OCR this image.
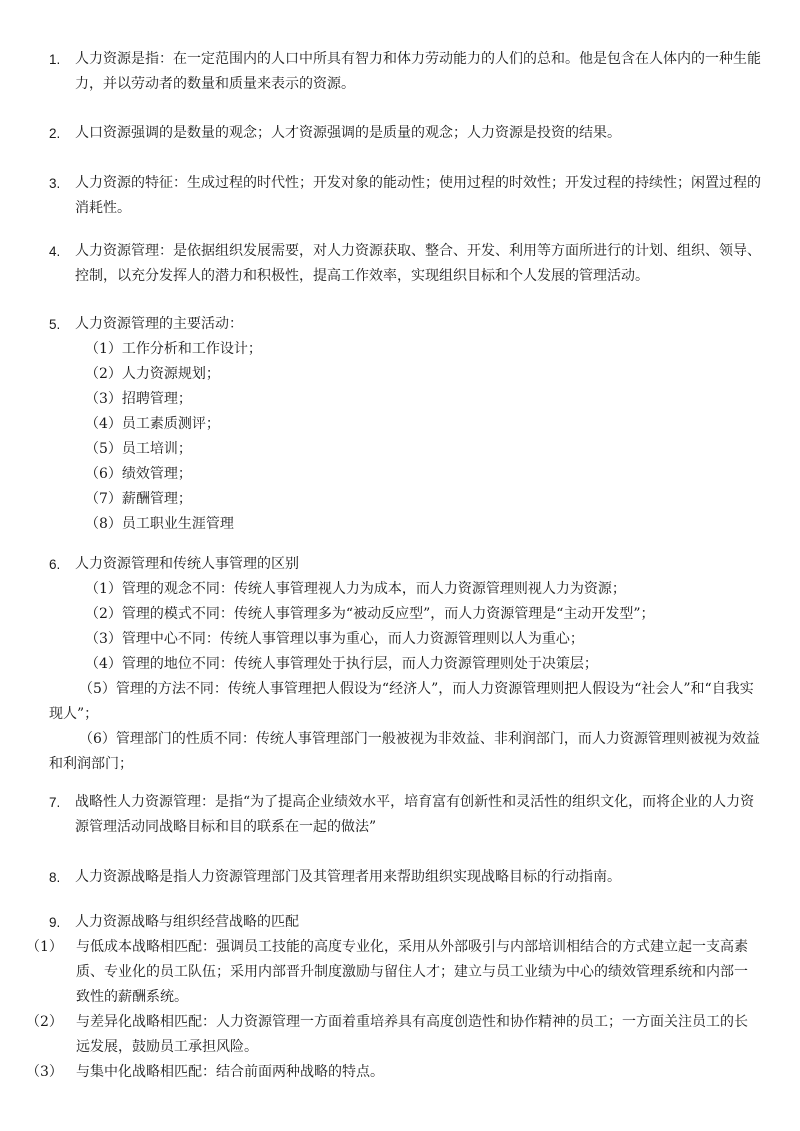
1. 人力资源是指：在一定范围内的人口中所具有智力和体力劳动能力的人们的总和。他是包含在人体内的一种生能力，并以劳动者的数量和质量来表示的资源。
2. 人口资源强调的是数量的观念；人才资源强调的是质量的观念；人力资源是投资的结果。
3. 人力资源的特征：生成过程的时代性；开发对象的能动性；使用过程的时效性；开发过程的持续性；闲置过程的消耗性。
4. 人力资源管理：是依据组织发展需要，对人力资源获取、整合、开发、利用等方面所进行的计划、组织、领导、控制，以充分发挥人的潜力和积极性，提高工作效率，实现组织目标和个人发展的管理活动。
5. 人力资源管理的主要活动：
（1）工作分析和工作设计；
（2）人力资源规划；
（3）招聘管理；
（4）员工素质测评；
（5）员工培训；
（6）绩效管理；
（7）薪酬管理；
（8）员工职业生涯管理
6. 人力资源管理和传统人事管理的区别
（1）管理的观念不同：传统人事管理视人力为成本，而人力资源管理则视人力为资源；
（2）管理的模式不同：传统人事管理多为“被动反应型”，而人力资源管理是“主动开发型”；
（3）管理中心不同：传统人事管理以事为重心，而人力资源管理则以人为重心；
（4）管理的地位不同：传统人事管理处于执行层，而人力资源管理则处于决策层；
（5）管理的方法不同：传统人事管理把人假设为“经济人”，而人力资源管理则把人假设为“社会人”和“自我实现人”；
（6）管理部门的性质不同：传统人事管理部门一般被视为非效益、非利润部门，而人力资源管理则被视为效益和利润部门；
7. 战略性人力资源管理：是指“为了提高企业绩效水平，培育富有创新性和灵活性的组织文化，而将企业的人力资源管理活动同战略目标和目的联系在一起的做法”
8. 人力资源战略是指人力资源管理部门及其管理者用来帮助组织实现战略目标的行动指南。
9. 人力资源战略与组织经营战略的匹配
（1） 与低成本战略相匹配：强调员工技能的高度专业化，采用从外部吸引与内部培训相结合的方式建立起一支高素质、专业化的员工队伍；采用内部晋升制度激励与留住人才；建立与员工业绩为中心的绩效管理系统和内部一致性的薪酬系统。
（2） 与差异化战略相匹配：人力资源管理一方面着重培养具有高度创造性和协作精神的员工；一方面关注员工的长远发展，鼓励员工承担风险。
（3） 与集中化战略相匹配：结合前面两种战略的特点。
